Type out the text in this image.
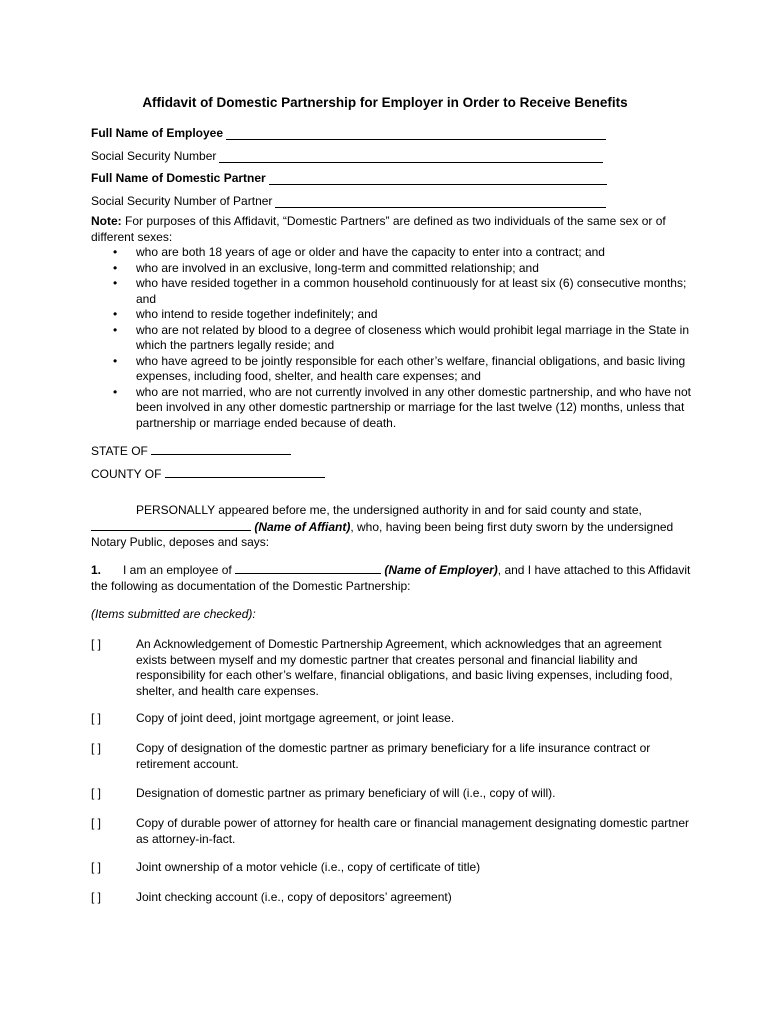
Affidavit of Domestic Partnership for Employer in Order to Receive Benefits
Full Name of Employee
Social Security Number
Full Name of Domestic Partner
Social Security Number of Partner
Note: For purposes of this Affidavit, “Domestic Partners” are defined as two individuals of the same sex or of different sexes:
• who are both 18 years of age or older and have the capacity to enter into a contract; and
• who are involved in an exclusive, long-term and committed relationship; and
• who have resided together in a common household continuously for at least six (6) consecutive months; and
• who intend to reside together indefinitely; and
• who are not related by blood to a degree of closeness which would prohibit legal marriage in the State in which the partners legally reside; and
• who have agreed to be jointly responsible for each other’s welfare, financial obligations, and basic living expenses, including food, shelter, and health care expenses; and
• who are not married, who are not currently involved in any other domestic partnership, and who have not been involved in any other domestic partnership or marriage for the last twelve (12) months, unless that partnership or marriage ended because of death.
STATE OF
COUNTY OF
PERSONALLY appeared before me, the undersigned authority in and for said county and state,  (Name of Affiant), who, having been being first duty sworn by the undersigned Notary Public, deposes and says:
1. I am an employee of	(Name of Employer), and I have attached to this Affidavit the following as documentation of the Domestic Partnership:
(Items submitted are checked):
[ ]	An Acknowledgement of Domestic Partnership Agreement, which acknowledges that an agreement exists between myself and my domestic partner that creates personal and financial liability and responsibility for each other’s welfare, financial obligations, and basic living expenses, including food, shelter, and health care expenses.
[ ]	Copy of joint deed, joint mortgage agreement, or joint lease.
[ ]	Copy of designation of the domestic partner as primary beneficiary for a life insurance contract or retirement account.
[ ]	Designation of domestic partner as primary beneficiary of will (i.e., copy of will).
[ ]	Copy of durable power of attorney for health care or financial management designating domestic partner as attorney-in-fact.
[ ]	Joint ownership of a motor vehicle (i.e., copy of certificate of title)
[ ]	Joint checking account (i.e., copy of depositors’ agreement)
